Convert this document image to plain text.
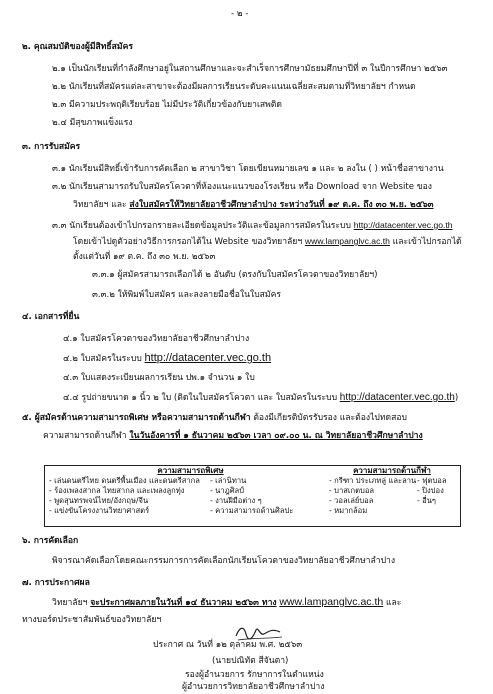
- ๒ -
๒. คุณสมบัติของผู้มีสิทธิ์สมัคร
๒.๑ เป็นนักเรียนที่กำลังศึกษาอยู่ในสถานศึกษาและจะสำเร็จการศึกษามัธยมศึกษาปีที่ ๓ ในปีการศึกษา ๒๕๖๓
๒.๒ นักเรียนที่สมัครแต่ละสาขาจะต้องมีผลการเรียนระดับคะแนนเฉลี่ยสะสมตามที่วิทยาลัยฯ กำหนด
๒.๓ มีความประพฤติเรียบร้อย ไม่มีประวัติเกี่ยวข้องกับยาเสพติด
๒.๔ มีสุขภาพแข็งแรง
๓. การรับสมัคร
๓.๑ นักเรียนมีสิทธิ์เข้ารับการคัดเลือก ๒ สาขาวิชา โดยเขียนหมายเลข ๑ และ ๒ ลงใน ( ) หน้าชื่อสาขางาน
๓.๒ นักเรียนสามารถรับใบสมัครโควตาที่ห้องแนะแนวของโรงเรียน หรือ Download จาก Website ของ
วิทยาลัยฯ และ ส่งใบสมัครให้วิทยาลัยอาชีวศึกษาลำปาง ระหว่างวันที่ ๑๙ ต.ค. ถึง ๓๐ พ.ย. ๒๕๖๓
๓.๓ นักเรียนต้องเข้าไปกรอกรายละเอียดข้อมูลประวัติและข้อมูลการสมัครในระบบ http://datacenter.vec.go.th
โดยเข้าไปดูตัวอย่างวิธีการกรอกได้ใน Website ของวิทยาลัยฯ www.lampanglvc.ac.th และเข้าไปกรอกได้
ตั้งแต่วันที่ ๑๙ ต.ค. ถึง ๓๐ พ.ย. ๒๕๖๓
๓.๓.๑ ผู้สมัครสามารถเลือกได้ ๒ อันดับ (ตรงกับใบสมัครโควตาของวิทยาลัยฯ)
๓.๓.๒ ให้พิมพ์ใบสมัคร และลงลายมือชื่อในใบสมัคร
๔. เอกสารที่ยื่น
๔.๑ ใบสมัครโควตาของวิทยาลัยอาชีวศึกษาลำปาง
๔.๒ ใบสมัครในระบบ http://datacenter.vec.go.th
๔.๓ ใบแสดงระเบียนผลการเรียน ปพ.๑ จำนวน ๑ ใบ
๔.๔ รูปถ่ายขนาด ๑ นิ้ว ๒ ใบ (ติดในใบสมัครโควตา และ ใบสมัครในระบบ http://datacenter.vec.go.th)
๕. ผู้สมัครด้านความสามารถพิเศษ หรือความสามารถด้านกีฬา ต้องมีเกียรติบัตรรับรอง และต้องไปทดสอบ
ความสามารถด้านกีฬา ในวันอังคารที่ ๑ ธันวาคม ๒๕๖๓ เวลา ๐๙.๐๐ น. ณ วิทยาลัยอาชีวศึกษาลำปาง
ความสามารถพิเศษ
- เล่นดนตรีไทย ดนตรีพื้นเมือง และดนตรีสากล
- ร้องเพลงสากล ไทยสากล และเพลงลูกทุ่ง
- พูดสุนทรพจน์ไทย/อังกฤษ/จีน
- แข่งขันโครงงานวิทยาศาสตร์
- เล่านิทาน
- นาฎศิลป์
- งานฝีมือต่าง ๆ
- ความสามารถด้านศิลปะ
ความสามารถด้านกีฬา
- กรีฑา ประเภทลู่ และลาน
- บาสเกตบอล
- วอลเล่ย์บอล
- หมากล้อม
- ฟุตบอล
- ปิงปอง
- อื่นๆ
๖. การคัดเลือก
พิจารณาคัดเลือกโดยคณะกรรมการการคัดเลือกนักเรียนโควตาของวิทยาลัยอาชีวศึกษาลำปาง
๗. การประกาศผล
วิทยาลัยฯ จะประกาศผลภายในวันที่ ๑๔ ธันวาคม ๒๕๖๓ ทาง www.lampanglvc.ac.th และ
ทางบอร์ดประชาสัมพันธ์ของวิทยาลัยฯ
ประกาศ ณ วันที่ ๑๒ ตุลาคม พ.ศ. ๒๕๖๓
(นายปณิทัต สีจันตา)
รองผู้อำนวยการ รักษาการในตำแหน่ง
ผู้อำนวยการวิทยาลัยอาชีวศึกษาลำปาง
